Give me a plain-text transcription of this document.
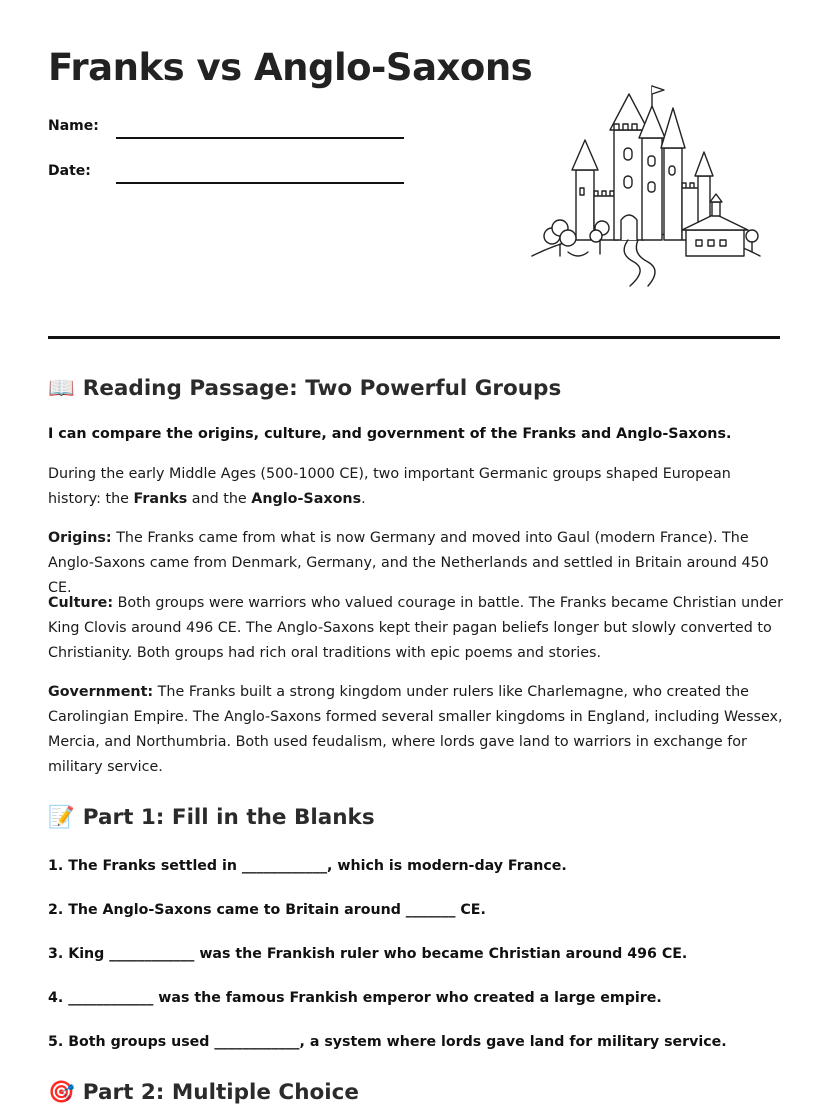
Franks vs Anglo-Saxons
Name:
Date:
📖 Reading Passage: Two Powerful Groups

I can compare the origins, culture, and government of the Franks and Anglo-Saxons.

During the early Middle Ages (500-1000 CE), two important Germanic groups shaped European history: the Franks and the Anglo-Saxons.

Origins: The Franks came from what is now Germany and moved into Gaul (modern France). The Anglo-Saxons came from Denmark, Germany, and the Netherlands and settled in Britain around 450 CE.

Culture: Both groups were warriors who valued courage in battle. The Franks became Christian under King Clovis around 496 CE. The Anglo-Saxons kept their pagan beliefs longer but slowly converted to Christianity. Both groups had rich oral traditions with epic poems and stories.

Government: The Franks built a strong kingdom under rulers like Charlemagne, who created the Carolingian Empire. The Anglo-Saxons formed several smaller kingdoms in England, including Wessex, Mercia, and Northumbria. Both used feudalism, where lords gave land to warriors in exchange for military service.

📝 Part 1: Fill in the Blanks

1. The Franks settled in ____________, which is modern-day France.

2. The Anglo-Saxons came to Britain around _______ CE.

3. King ____________ was the Frankish ruler who became Christian around 496 CE.

4. ____________ was the famous Frankish emperor who created a large empire.

5. Both groups used ____________, a system where lords gave land for military service.

🎯 Part 2: Multiple Choice
